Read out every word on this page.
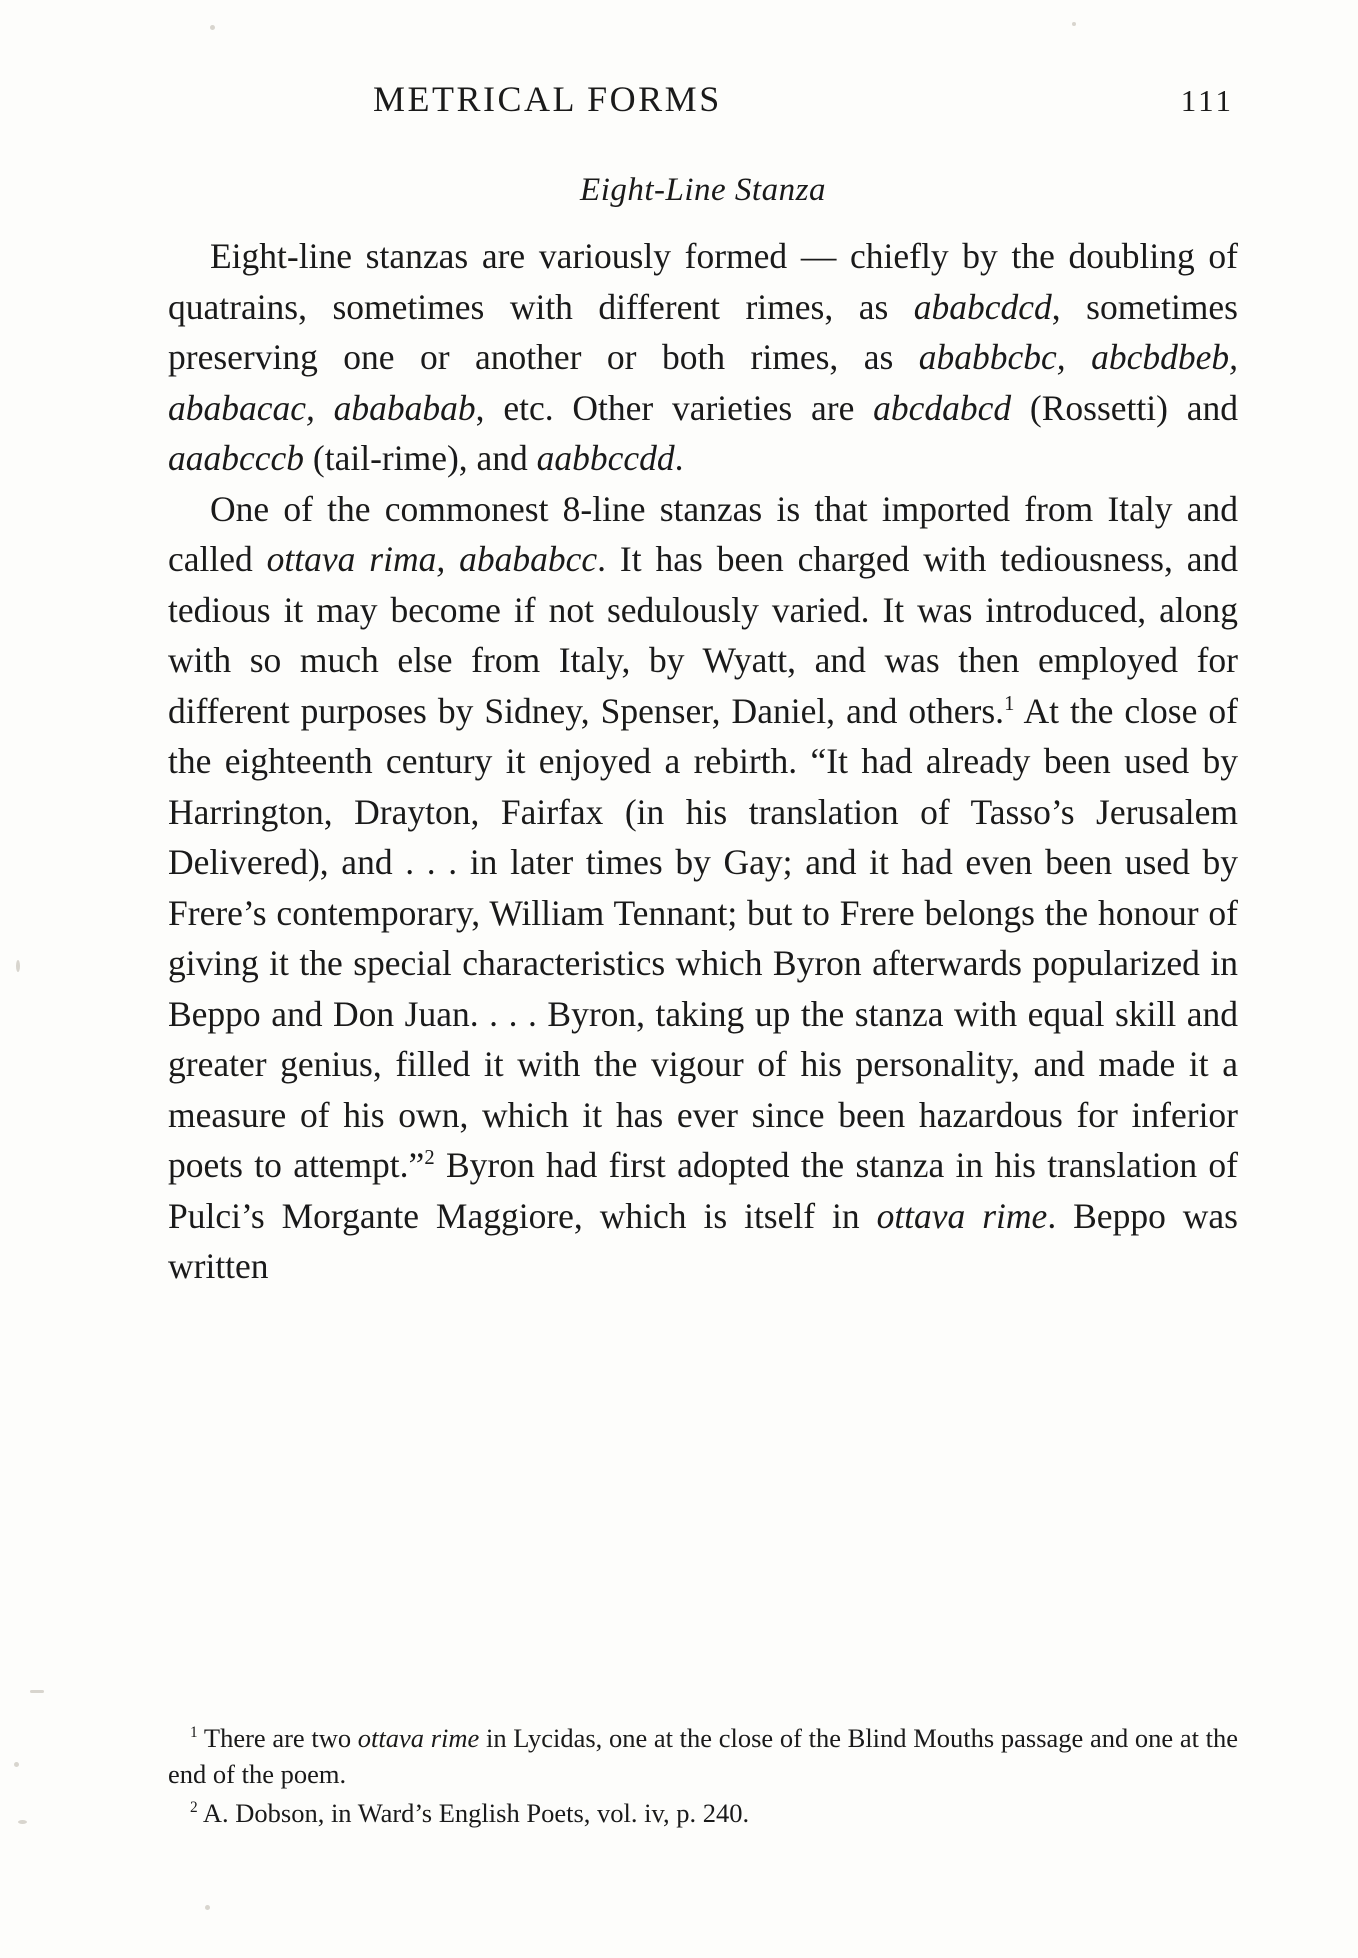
METRICAL FORMS	111
Eight-Line Stanza

Eight-line stanzas are variously formed — chiefly by the doubling of quatrains, sometimes with different rimes, as ababcdcd, sometimes preserving one or another or both rimes, as ababbcbc, abcbdbeb, ababacac, abababab, etc. Other varieties are abcdabcd (Rossetti) and aaabcccb (tail-rime), and aabbccdd.

One of the commonest 8-line stanzas is that imported from Italy and called ottava rima, abababcc. It has been charged with tediousness, and tedious it may become if not sedulously varied. It was introduced, along with so much else from Italy, by Wyatt, and was then employed for different purposes by Sidney, Spenser, Daniel, and others.$^1$ At the close of the eighteenth century it enjoyed a rebirth. “It had already been used by Harrington, Drayton, Fairfax (in his translation of Tasso’s Jerusalem Delivered), and . . . in later times by Gay; and it had even been used by Frere’s contemporary, William Tennant; but to Frere belongs the honour of giving it the special characteristics which Byron afterwards popularized in Beppo and Don Juan. . . . Byron, taking up the stanza with equal skill and greater genius, filled it with the vigour of his personality, and made it a measure of his own, which it has ever since been hazardous for inferior poets to attempt.”$^2$ Byron had first adopted the stanza in his translation of Pulci’s Morgante Maggiore, which is itself in ottava rime. Beppo was written

$^1$ There are two ottava rime in Lycidas, one at the close of the Blind Mouths passage and one at the end of the poem.

$^2$ A. Dobson, in Ward’s English Poets, vol. iv, p. 240.
